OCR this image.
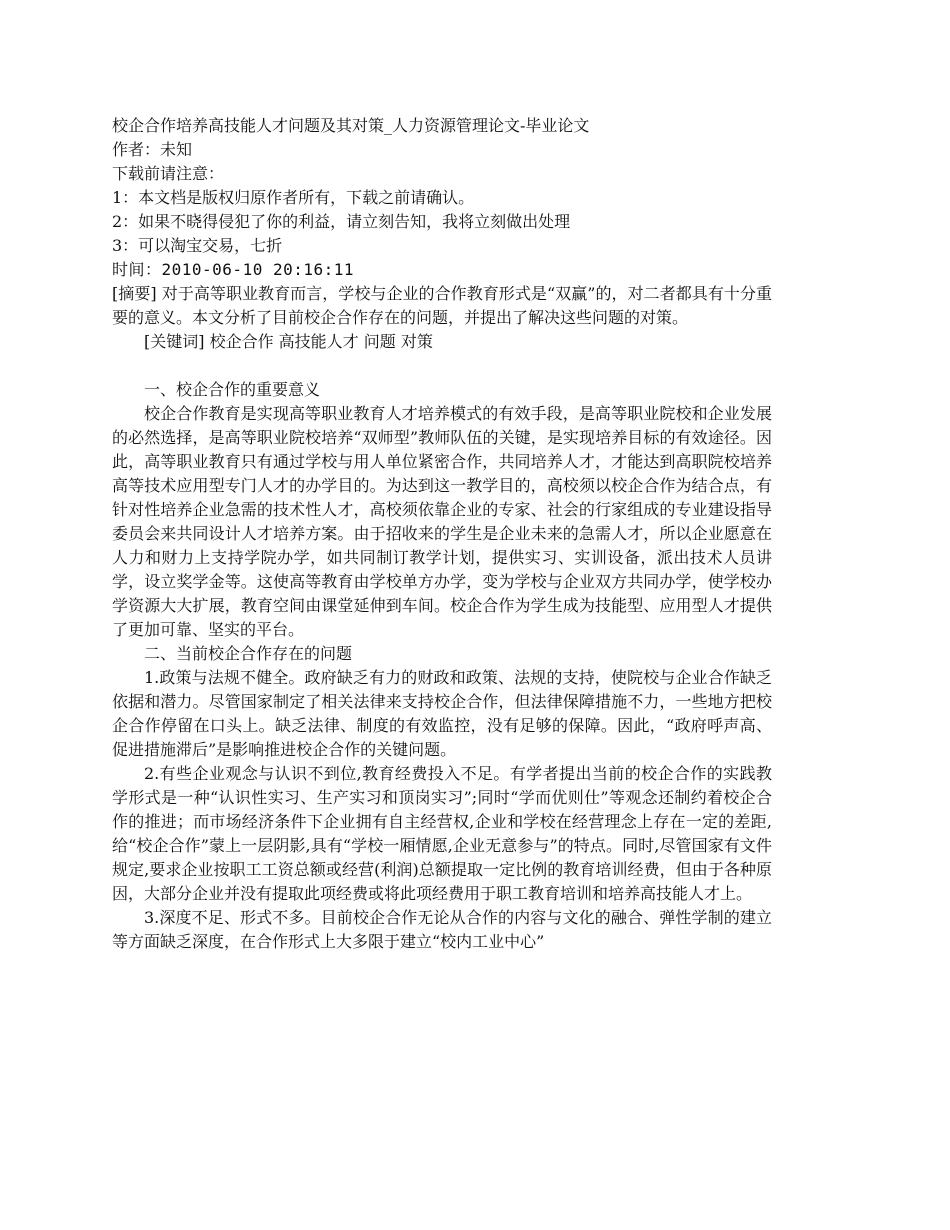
校企合作培养高技能人才问题及其对策_人力资源管理论文-毕业论文
作者：未知
下载前请注意：
1：本文档是版权归原作者所有，下载之前请确认。
2：如果不晓得侵犯了你的利益，请立刻告知，我将立刻做出处理
3：可以淘宝交易，七折
时间：2010-06-10 20:16:11

[摘要] 对于高等职业教育而言，学校与企业的合作教育形式是“双赢”的，对二者都具有十分重要的意义。本文分析了目前校企合作存在的问题，并提出了解决这些问题的对策。

[关键词] 校企合作 高技能人才 问题 对策

一、校企合作的重要意义

校企合作教育是实现高等职业教育人才培养模式的有效手段，是高等职业院校和企业发展的必然选择，是高等职业院校培养“双师型”教师队伍的关键，是实现培养目标的有效途径。因此，高等职业教育只有通过学校与用人单位紧密合作，共同培养人才，才能达到高职院校培养高等技术应用型专门人才的办学目的。为达到这一教学目的，高校须以校企合作为结合点，有针对性培养企业急需的技术性人才，高校须依靠企业的专家、社会的行家组成的专业建设指导委员会来共同设计人才培养方案。由于招收来的学生是企业未来的急需人才，所以企业愿意在人力和财力上支持学院办学，如共同制订教学计划，提供实习、实训设备，派出技术人员讲学，设立奖学金等。这使高等教育由学校单方办学，变为学校与企业双方共同办学，使学校办学资源大大扩展，教育空间由课堂延伸到车间。校企合作为学生成为技能型、应用型人才提供了更加可靠、坚实的平台。

二、当前校企合作存在的问题

1.政策与法规不健全。政府缺乏有力的财政和政策、法规的支持，使院校与企业合作缺乏依据和潜力。尽管国家制定了相关法律来支持校企合作，但法律保障措施不力，一些地方把校企合作停留在口头上。缺乏法律、制度的有效监控，没有足够的保障。因此，“政府呼声高、促进措施滞后”是影响推进校企合作的关键问题。

2.有些企业观念与认识不到位,教育经费投入不足。有学者提出当前的校企合作的实践教学形式是一种“认识性实习、生产实习和顶岗实习”;同时“学而优则仕”等观念还制约着校企合作的推进；而市场经济条件下企业拥有自主经营权,企业和学校在经营理念上存在一定的差距,给“校企合作”蒙上一层阴影,具有“学校一厢情愿,企业无意参与”的特点。同时,尽管国家有文件规定,要求企业按职工工资总额或经营(利润)总额提取一定比例的教育培训经费，但由于各种原因，大部分企业并没有提取此项经费或将此项经费用于职工教育培训和培养高技能人才上。

3.深度不足、形式不多。目前校企合作无论从合作的内容与文化的融合、弹性学制的建立等方面缺乏深度，在合作形式上大多限于建立“校内工业中心”
